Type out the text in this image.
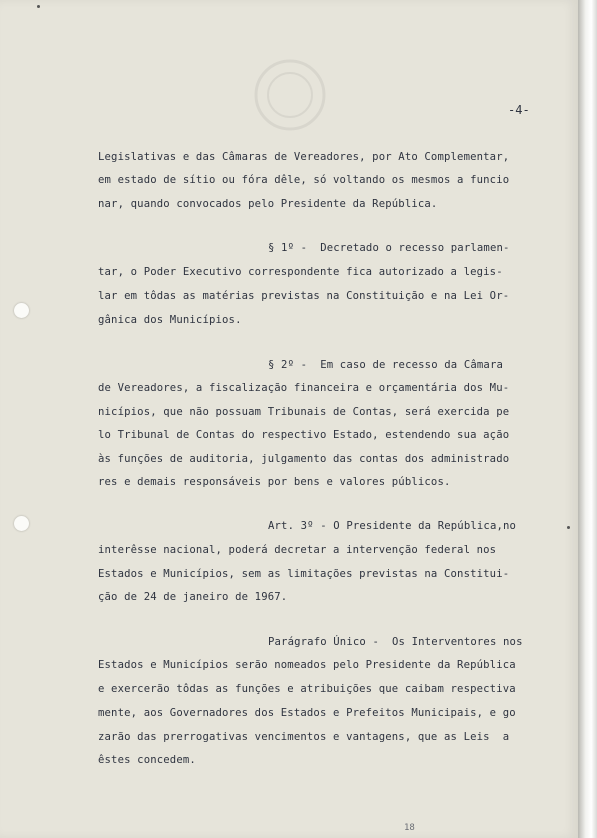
-4-
Legislativas e das Câmaras de Vereadores, por Ato Complementar,
em estado de sítio ou fóra dêle, só voltando os mesmos a funcio
nar, quando convocados pelo Presidente da República.
§ 1º -  Decretado o recesso parlamen-
tar, o Poder Executivo correspondente fica autorizado a legis-
lar em tôdas as matérias previstas na Constituição e na Lei Or-
gânica dos Municípios.
§ 2º -  Em caso de recesso da Câmara
de Vereadores, a fiscalização financeira e orçamentária dos Mu-
nicípios, que não possuam Tribunais de Contas, será exercida pe
lo Tribunal de Contas do respectivo Estado, estendendo sua ação
às funções de auditoria, julgamento das contas dos administrado
res e demais responsáveis por bens e valores públicos.
Art. 3º - O Presidente da República,no
interêsse nacional, poderá decretar a intervenção federal nos
Estados e Municípios, sem as limitações previstas na Constitui-
ção de 24 de janeiro de 1967.
Parágrafo Único -  Os Interventores nos
Estados e Municípios serão nomeados pelo Presidente da República
e exercerão tôdas as funções e atribuições que caibam respectiva
mente, aos Governadores dos Estados e Prefeitos Municipais, e go
zarão das prerrogativas vencimentos e vantagens, que as Leis  a
êstes concedem.
18
